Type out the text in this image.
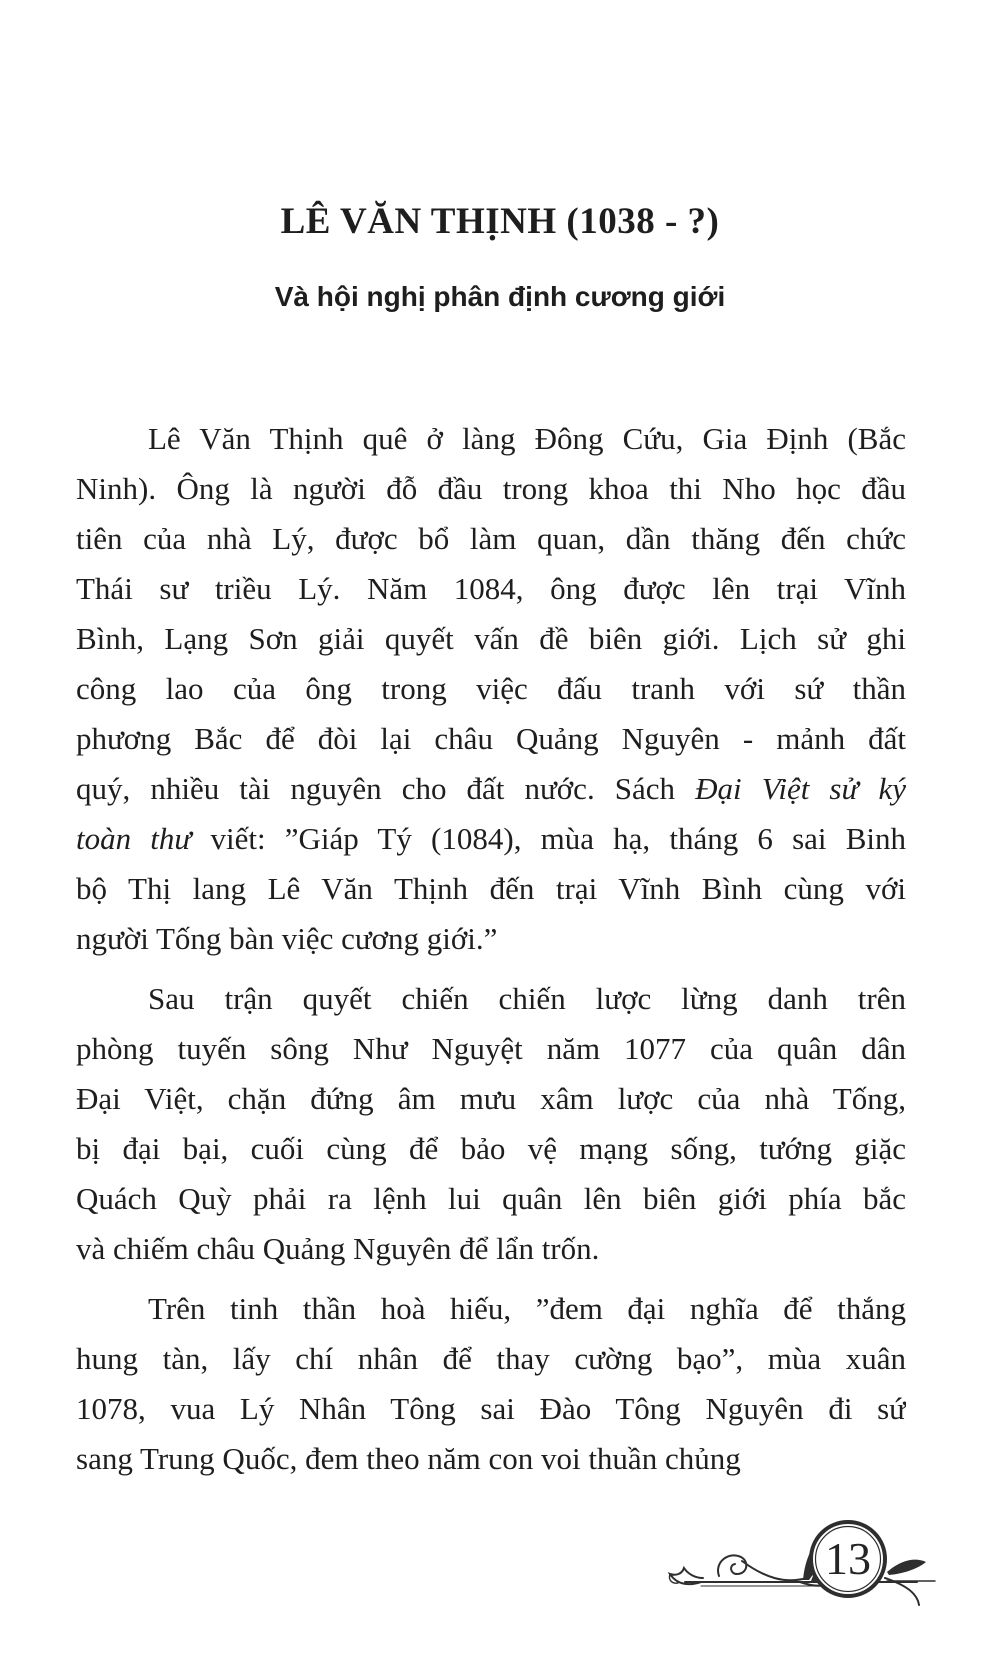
LÊ VĂN THỊNH (1038 - ?)
Và hội nghị phân định cương giới
Lê Văn Thịnh quê ở làng Đông Cứu, Gia Định (Bắc
Ninh). Ông là người đỗ đầu trong khoa thi Nho học đầu
tiên của nhà Lý, được bổ làm quan, dần thăng đến chức
Thái sư triều Lý. Năm 1084, ông được lên trại Vĩnh
Bình, Lạng Sơn giải quyết vấn đề biên giới. Lịch sử ghi
công lao của ông trong việc đấu tranh với sứ thần
phương Bắc để đòi lại châu Quảng Nguyên - mảnh đất
quý, nhiều tài nguyên cho đất nước. Sách Đại Việt sử ký
toàn thư viết: ”Giáp Tý (1084), mùa hạ, tháng 6 sai Binh
bộ Thị lang Lê Văn Thịnh đến trại Vĩnh Bình cùng với
người Tống bàn việc cương giới.”
Sau trận quyết chiến chiến lược lừng danh trên
phòng tuyến sông Như Nguyệt năm 1077 của quân dân
Đại Việt, chặn đứng âm mưu xâm lược của nhà Tống,
bị đại bại, cuối cùng để bảo vệ mạng sống, tướng giặc
Quách Quỳ phải ra lệnh lui quân lên biên giới phía bắc
và chiếm châu Quảng Nguyên để lẩn trốn.
Trên tinh thần hoà hiếu, ”đem đại nghĩa để thắng
hung tàn, lấy chí nhân để thay cường bạo”, mùa xuân
1078, vua Lý Nhân Tông sai Đào Tông Nguyên đi sứ
sang Trung Quốc, đem theo năm con voi thuần chủng
13
